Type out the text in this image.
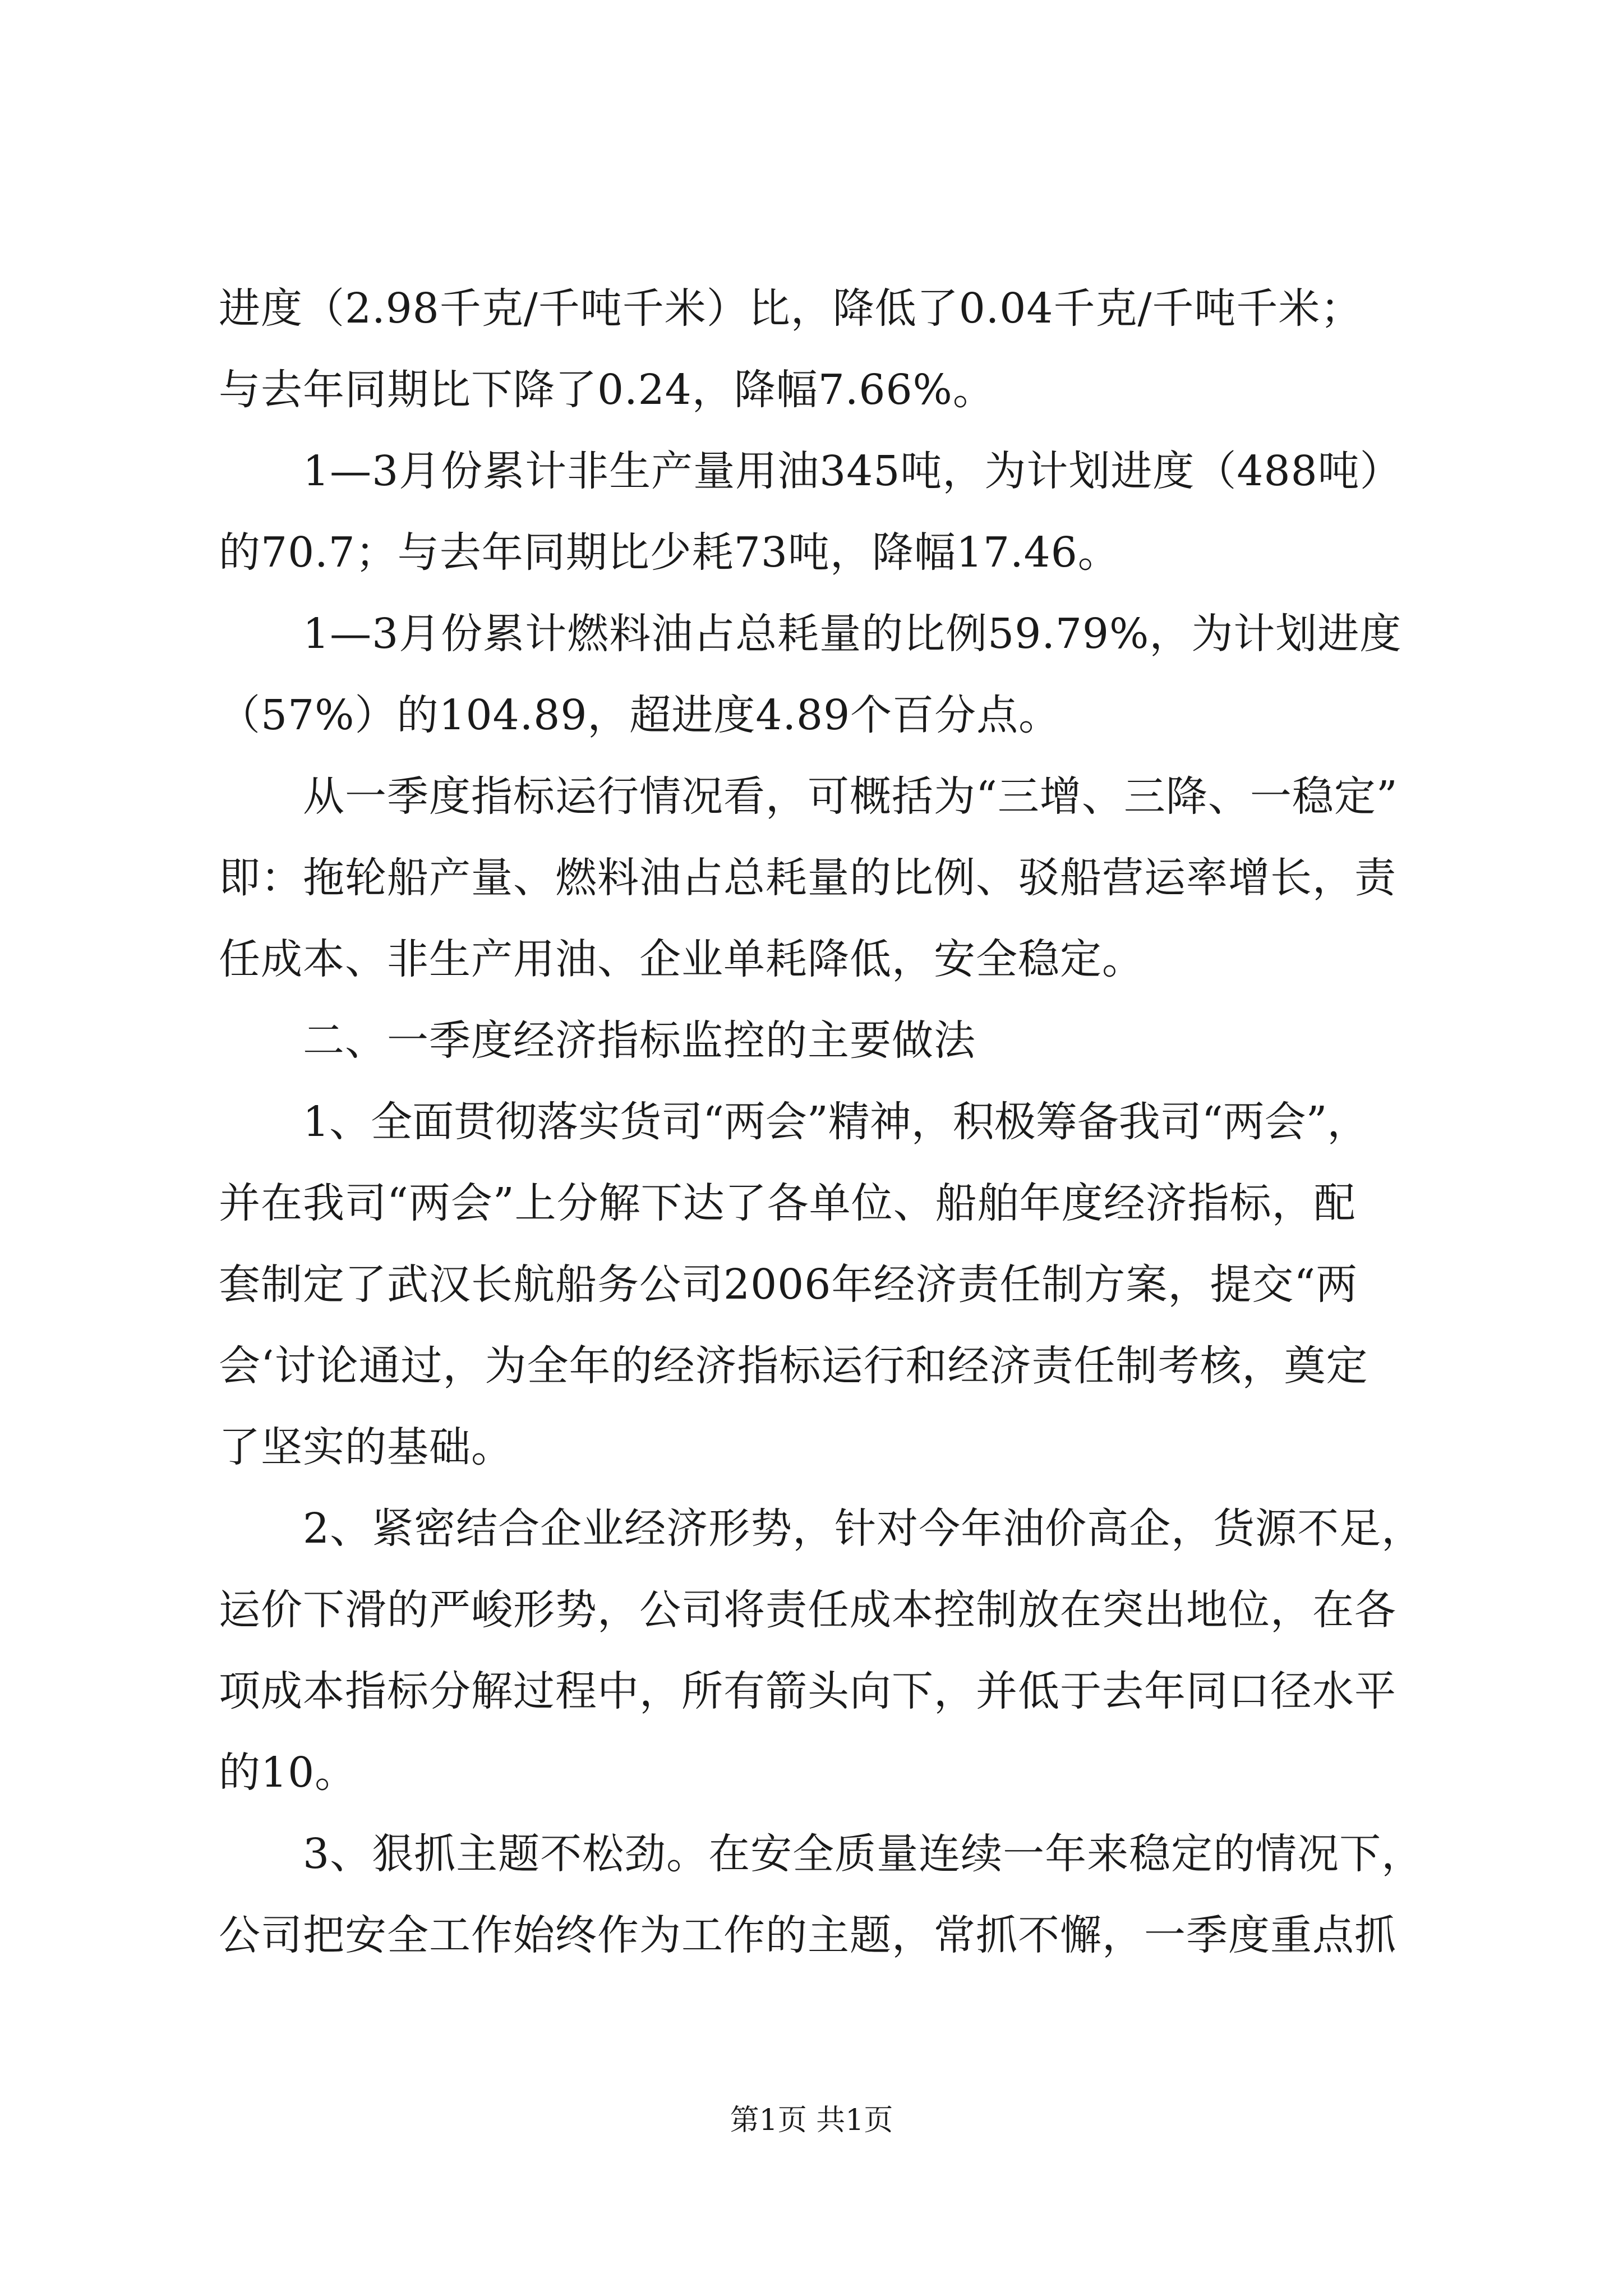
进度（2.98千克/千吨千米）比，降低了0.04千克/千吨千米；
与去年同期比下降了0.24，降幅7.66%。
1—3月份累计非生产量用油345吨，为计划进度（488吨）
的70.7；与去年同期比少耗73吨，降幅17.46。
1—3月份累计燃料油占总耗量的比例59.79%，为计划进度
（57%）的104.89，超进度4.89个百分点。
从一季度指标运行情况看，可概括为“三增、三降、一稳定”
即：拖轮船产量、燃料油占总耗量的比例、驳船营运率增长，责
任成本、非生产用油、企业单耗降低，安全稳定。
二、一季度经济指标监控的主要做法
1、全面贯彻落实货司“两会”精神，积极筹备我司“两会”，
并在我司“两会”上分解下达了各单位、船舶年度经济指标，配
套制定了武汉长航船务公司2006年经济责任制方案，提交“两
会‘讨论通过，为全年的经济指标运行和经济责任制考核，奠定
了坚实的基础。
2、紧密结合企业经济形势，针对今年油价高企，货源不足，
运价下滑的严峻形势，公司将责任成本控制放在突出地位，在各
项成本指标分解过程中，所有箭头向下，并低于去年同口径水平
的10。
3、狠抓主题不松劲。在安全质量连续一年来稳定的情况下，
公司把安全工作始终作为工作的主题，常抓不懈，一季度重点抓
第1页 共1页
